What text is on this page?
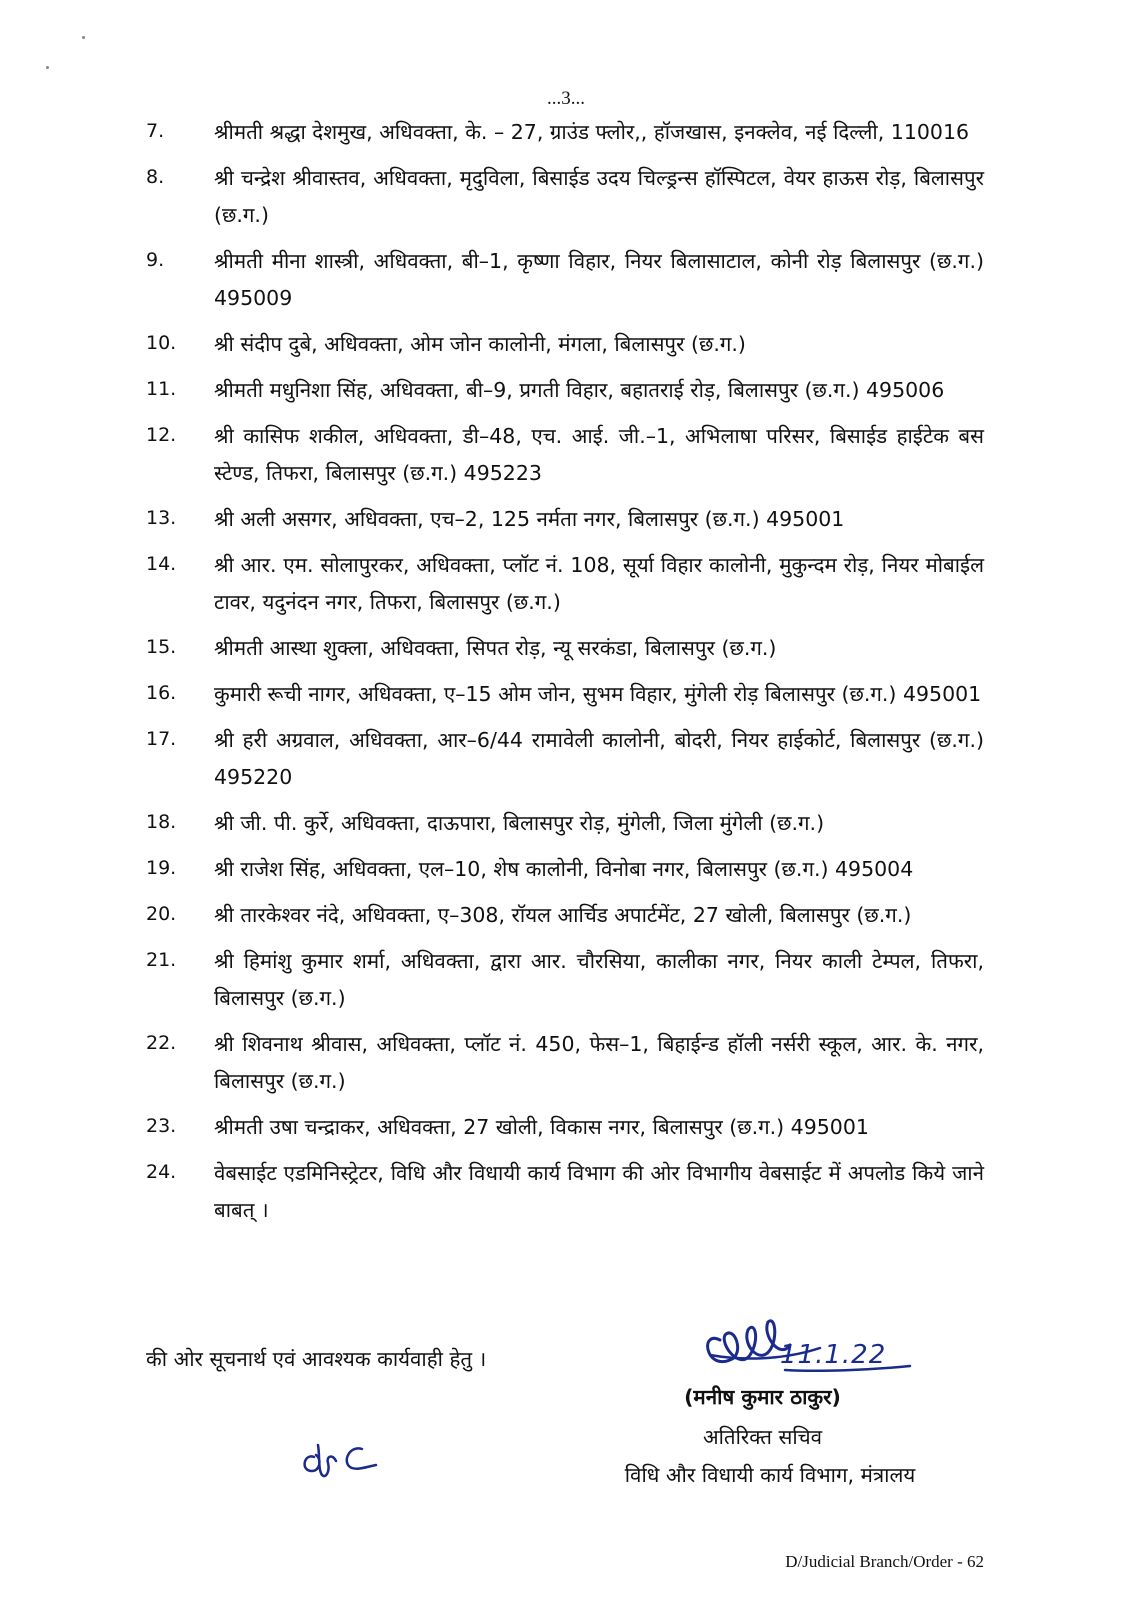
...3...
7.	श्रीमती श्रद्धा देशमुख, अधिवक्ता, के. – 27, ग्राउंड फ्लोर,, हॉजखास, इनक्लेव, नई दिल्ली, 110016
8.	श्री चन्द्रेश श्रीवास्तव, अधिवक्ता, मृदुविला, बिसाईड उदय चिल्ड्रन्स हॉस्पिटल, वेयर हाऊस रोड़, बिलासपुर (छ.ग.)
9.	श्रीमती मीना शास्त्री, अधिवक्ता, बी–1, कृष्णा विहार, नियर बिलासाटाल, कोनी रोड़ बिलासपुर (छ.ग.) 495009
10.	श्री संदीप दुबे, अधिवक्ता, ओम जोन कालोनी, मंगला, बिलासपुर (छ.ग.)
11.	श्रीमती मधुनिशा सिंह, अधिवक्ता, बी–9, प्रगती विहार, बहातराई रोड़, बिलासपुर (छ.ग.) 495006
12.	श्री कासिफ शकील, अधिवक्ता, डी–48, एच. आई. जी.–1, अभिलाषा परिसर, बिसाईड हाईटेक बस स्टेण्ड, तिफरा, बिलासपुर (छ.ग.) 495223
13.	श्री अली असगर, अधिवक्ता, एच–2, 125 नर्मता नगर, बिलासपुर (छ.ग.) 495001
14.	श्री आर. एम. सोलापुरकर, अधिवक्ता, प्लॉट नं. 108, सूर्या विहार कालोनी, मुकुन्दम रोड़, नियर मोबाईल टावर, यदुनंदन नगर, तिफरा, बिलासपुर (छ.ग.)
15.	श्रीमती आस्था शुक्ला, अधिवक्ता, सिपत रोड़, न्यू सरकंडा, बिलासपुर (छ.ग.)
16.	कुमारी रूची नागर, अधिवक्ता, ए–15 ओम जोन, सुभम विहार, मुंगेली रोड़ बिलासपुर (छ.ग.) 495001
17.	श्री हरी अग्रवाल, अधिवक्ता, आर–6/44 रामावेली कालोनी, बोदरी, नियर हाईकोर्ट, बिलासपुर (छ.ग.) 495220
18.	श्री जी. पी. कुर्रे, अधिवक्ता, दाऊपारा, बिलासपुर रोड़, मुंगेली, जिला मुंगेली (छ.ग.)
19.	श्री राजेश सिंह, अधिवक्ता, एल–10, शेष कालोनी, विनोबा नगर, बिलासपुर (छ.ग.) 495004
20.	श्री तारकेश्वर नंदे, अधिवक्ता, ए–308, रॉयल आर्चिड अपार्टमेंट, 27 खोली, बिलासपुर (छ.ग.)
21.	श्री हिमांशु कुमार शर्मा, अधिवक्ता, द्वारा आर. चौरसिया, कालीका नगर, नियर काली टेम्पल, तिफरा, बिलासपुर (छ.ग.)
22.	श्री शिवनाथ श्रीवास, अधिवक्ता, प्लॉट नं. 450, फेस–1, बिहाईन्ड हॉली नर्सरी स्कूल, आर. के. नगर, बिलासपुर (छ.ग.)
23.	श्रीमती उषा चन्द्राकर, अधिवक्ता, 27 खोली, विकास नगर, बिलासपुर (छ.ग.) 495001
24.	वेबसाईट एडमिनिस्ट्रेटर, विधि और विधायी कार्य विभाग की ओर विभागीय वेबसाईट में अपलोड किये जाने बाबत् ।
की ओर सूचनार्थ एवं आवश्यक कार्यवाही हेतु ।	11.1.22
(मनीष कुमार ठाकुर)
अतिरिक्त सचिव
विधि और विधायी कार्य विभाग, मंत्रालय
D/Judicial Branch/Order - 62
